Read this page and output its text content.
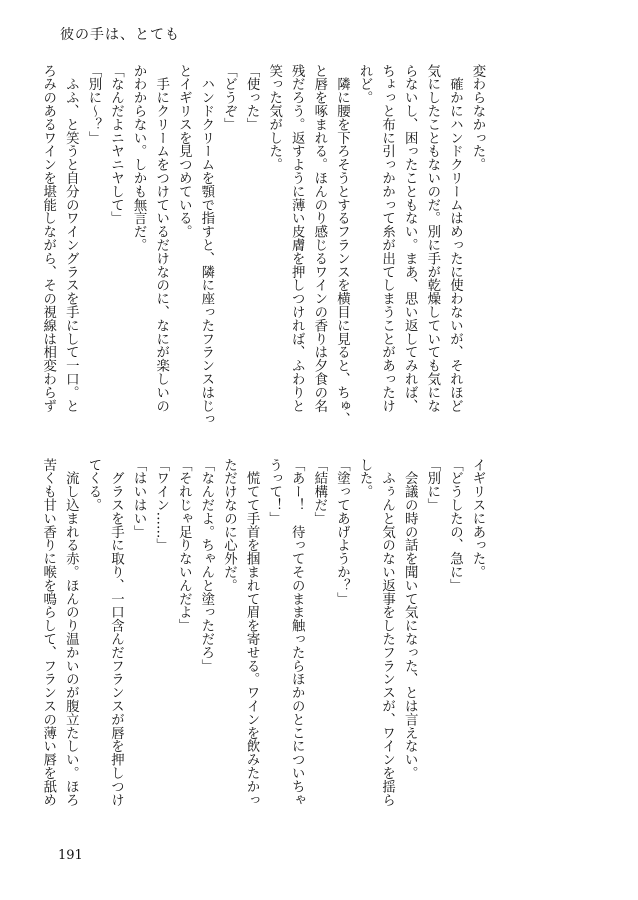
彼の手は、とても
変わらなかった。
　確かにハンドクリームはめったに使わないが、それほど
気にしたこともないのだ。別に手が乾燥していても気にな
らないし、困ったこともない。まあ、思い返してみれば、
ちょっと布に引っかかって糸が出てしまうことがあったけ
れど。
　隣に腰を下ろそうとするフランスを横目に見ると、ちゅ、
と唇を啄まれる。ほんのり感じるワインの香りは夕食の名
残だろう。返すように薄い皮膚を押しつければ、ふわりと
笑った気がした。
「使った」
「どうぞ」
　ハンドクリームを顎で指すと、隣に座ったフランスはじっ
とイギリスを見つめている。
　手にクリームをつけているだけなのに、なにが楽しいの
かわからない。しかも無言だ。
「なんだよニヤニヤして」
「別に～？」
　ふふ、と笑うと自分のワイングラスを手にして一口。と
ろみのあるワインを堪能しながら、その視線は相変わらず
イギリスにあった。
「どうしたの、急に」
「別に」
　会議の時の話を聞いて気になった、とは言えない。
　ふぅんと気のない返事をしたフランスが、ワインを揺ら
した。
「塗ってあげようか？」
「結構だ」
「あー！　待ってそのまま触ったらほかのとこについちゃ
うって！」
　慌てて手首を掴まれて眉を寄せる。ワインを飲みたかっ
ただけなのに心外だ。
「なんだよ。ちゃんと塗っただろ」
「それじゃ足りないんだよ」
「ワイン……」
「はいはい」
　グラスを手に取り、一口含んだフランスが唇を押しつけ
てくる。
　流し込まれる赤。ほんのり温かいのが腹立たしい。ほろ
苦くも甘い香りに喉を鳴らして、フランスの薄い唇を舐め
191
